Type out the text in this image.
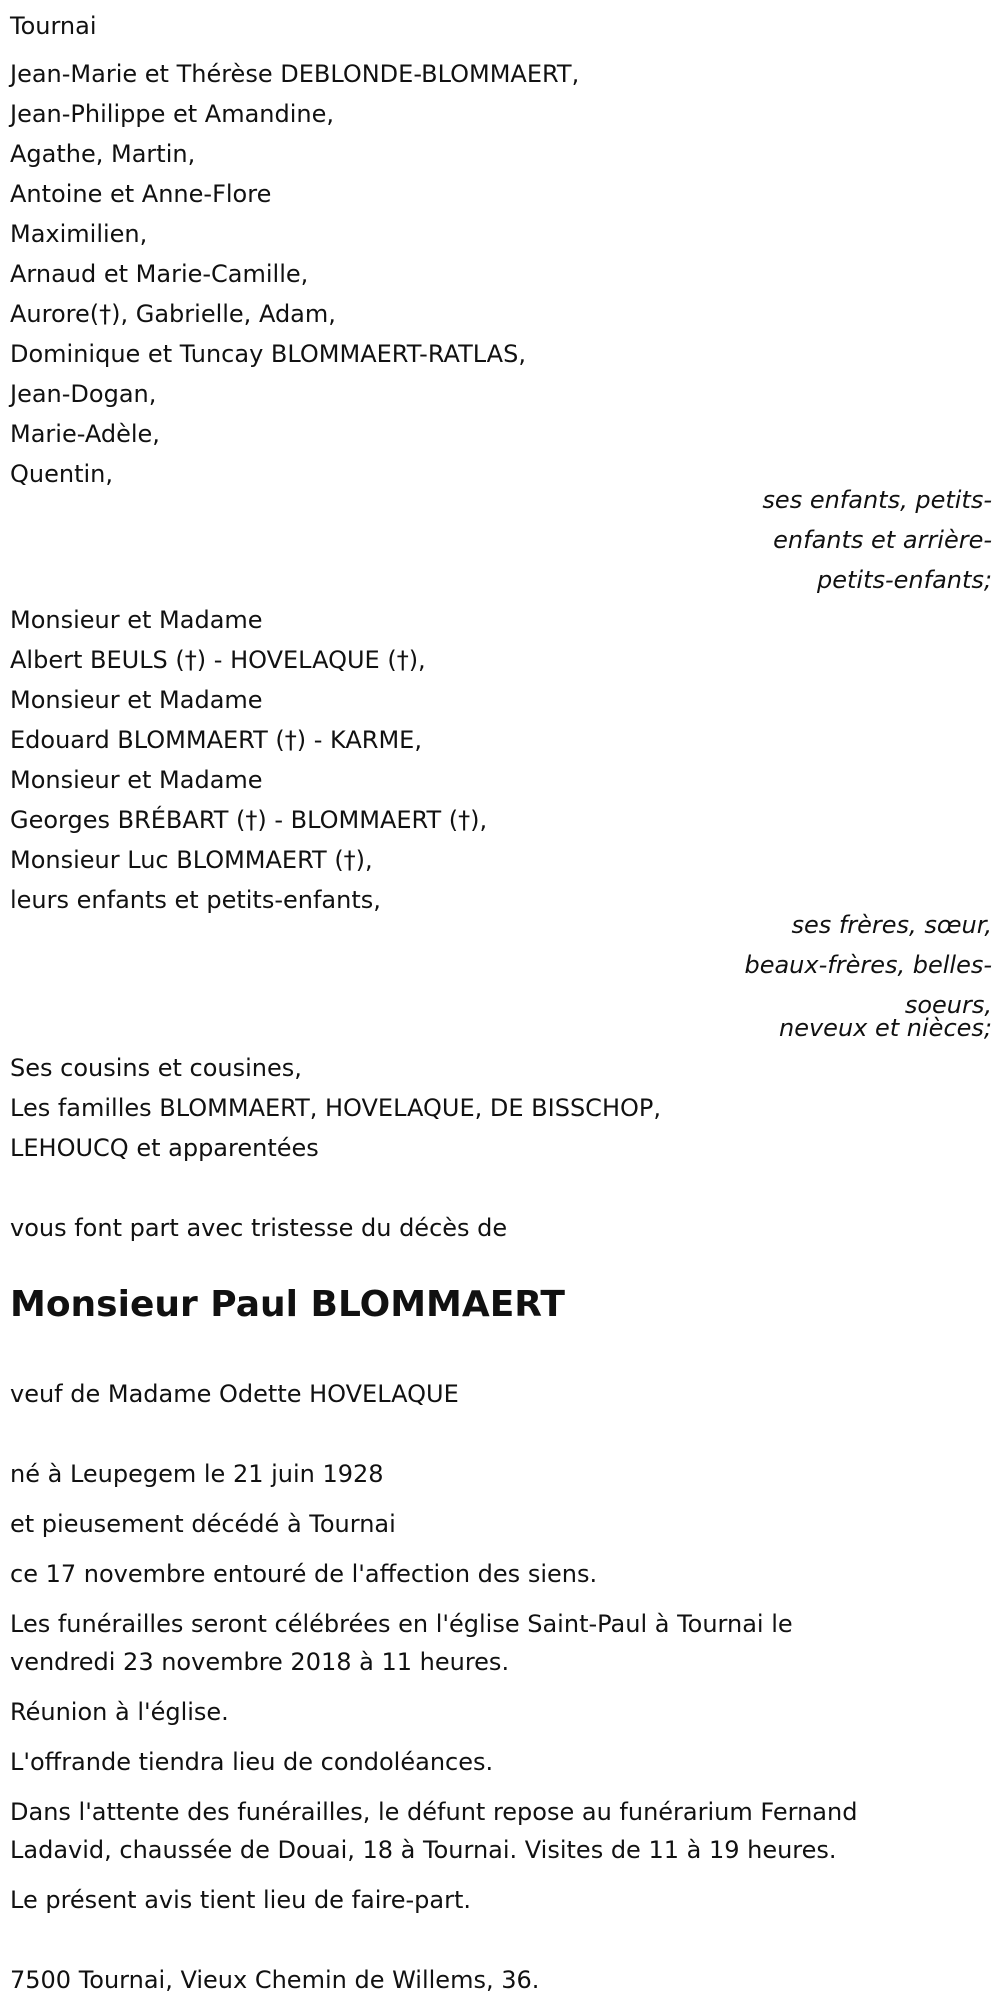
Tournai
Jean-Marie et Thérèse DEBLONDE-BLOMMAERT,
Jean-Philippe et Amandine,
Agathe, Martin,
Antoine et Anne-Flore
Maximilien,
Arnaud et Marie-Camille,
Aurore(†), Gabrielle, Adam,
Dominique et Tuncay BLOMMAERT-RATLAS,
Jean-Dogan,
Marie-Adèle,
Quentin,
ses enfants, petits-
enfants et arrière-
petits-enfants;
Monsieur et Madame
Albert BEULS (†) - HOVELAQUE (†),
Monsieur et Madame
Edouard BLOMMAERT (†) - KARME,
Monsieur et Madame
Georges BRÉBART (†) - BLOMMAERT (†),
Monsieur Luc BLOMMAERT (†),
leurs enfants et petits-enfants,
ses frères, sœur,
beaux-frères, belles-
soeurs,
neveux et nièces;
Ses cousins et cousines,
Les familles BLOMMAERT, HOVELAQUE, DE BISSCHOP,
LEHOUCQ et apparentées
vous font part avec tristesse du décès de
Monsieur Paul BLOMMAERT
veuf de Madame Odette HOVELAQUE
né à Leupegem le 21 juin 1928
et pieusement décédé à Tournai
ce 17 novembre entouré de l'affection des siens.
Les funérailles seront célébrées en l'église Saint-Paul à Tournai le
vendredi 23 novembre 2018 à 11 heures.
Réunion à l'église.
L'offrande tiendra lieu de condoléances.
Dans l'attente des funérailles, le défunt repose au funérarium Fernand
Ladavid, chaussée de Douai, 18 à Tournai. Visites de 11 à 19 heures.
Le présent avis tient lieu de faire-part.
7500 Tournai, Vieux Chemin de Willems, 36.
